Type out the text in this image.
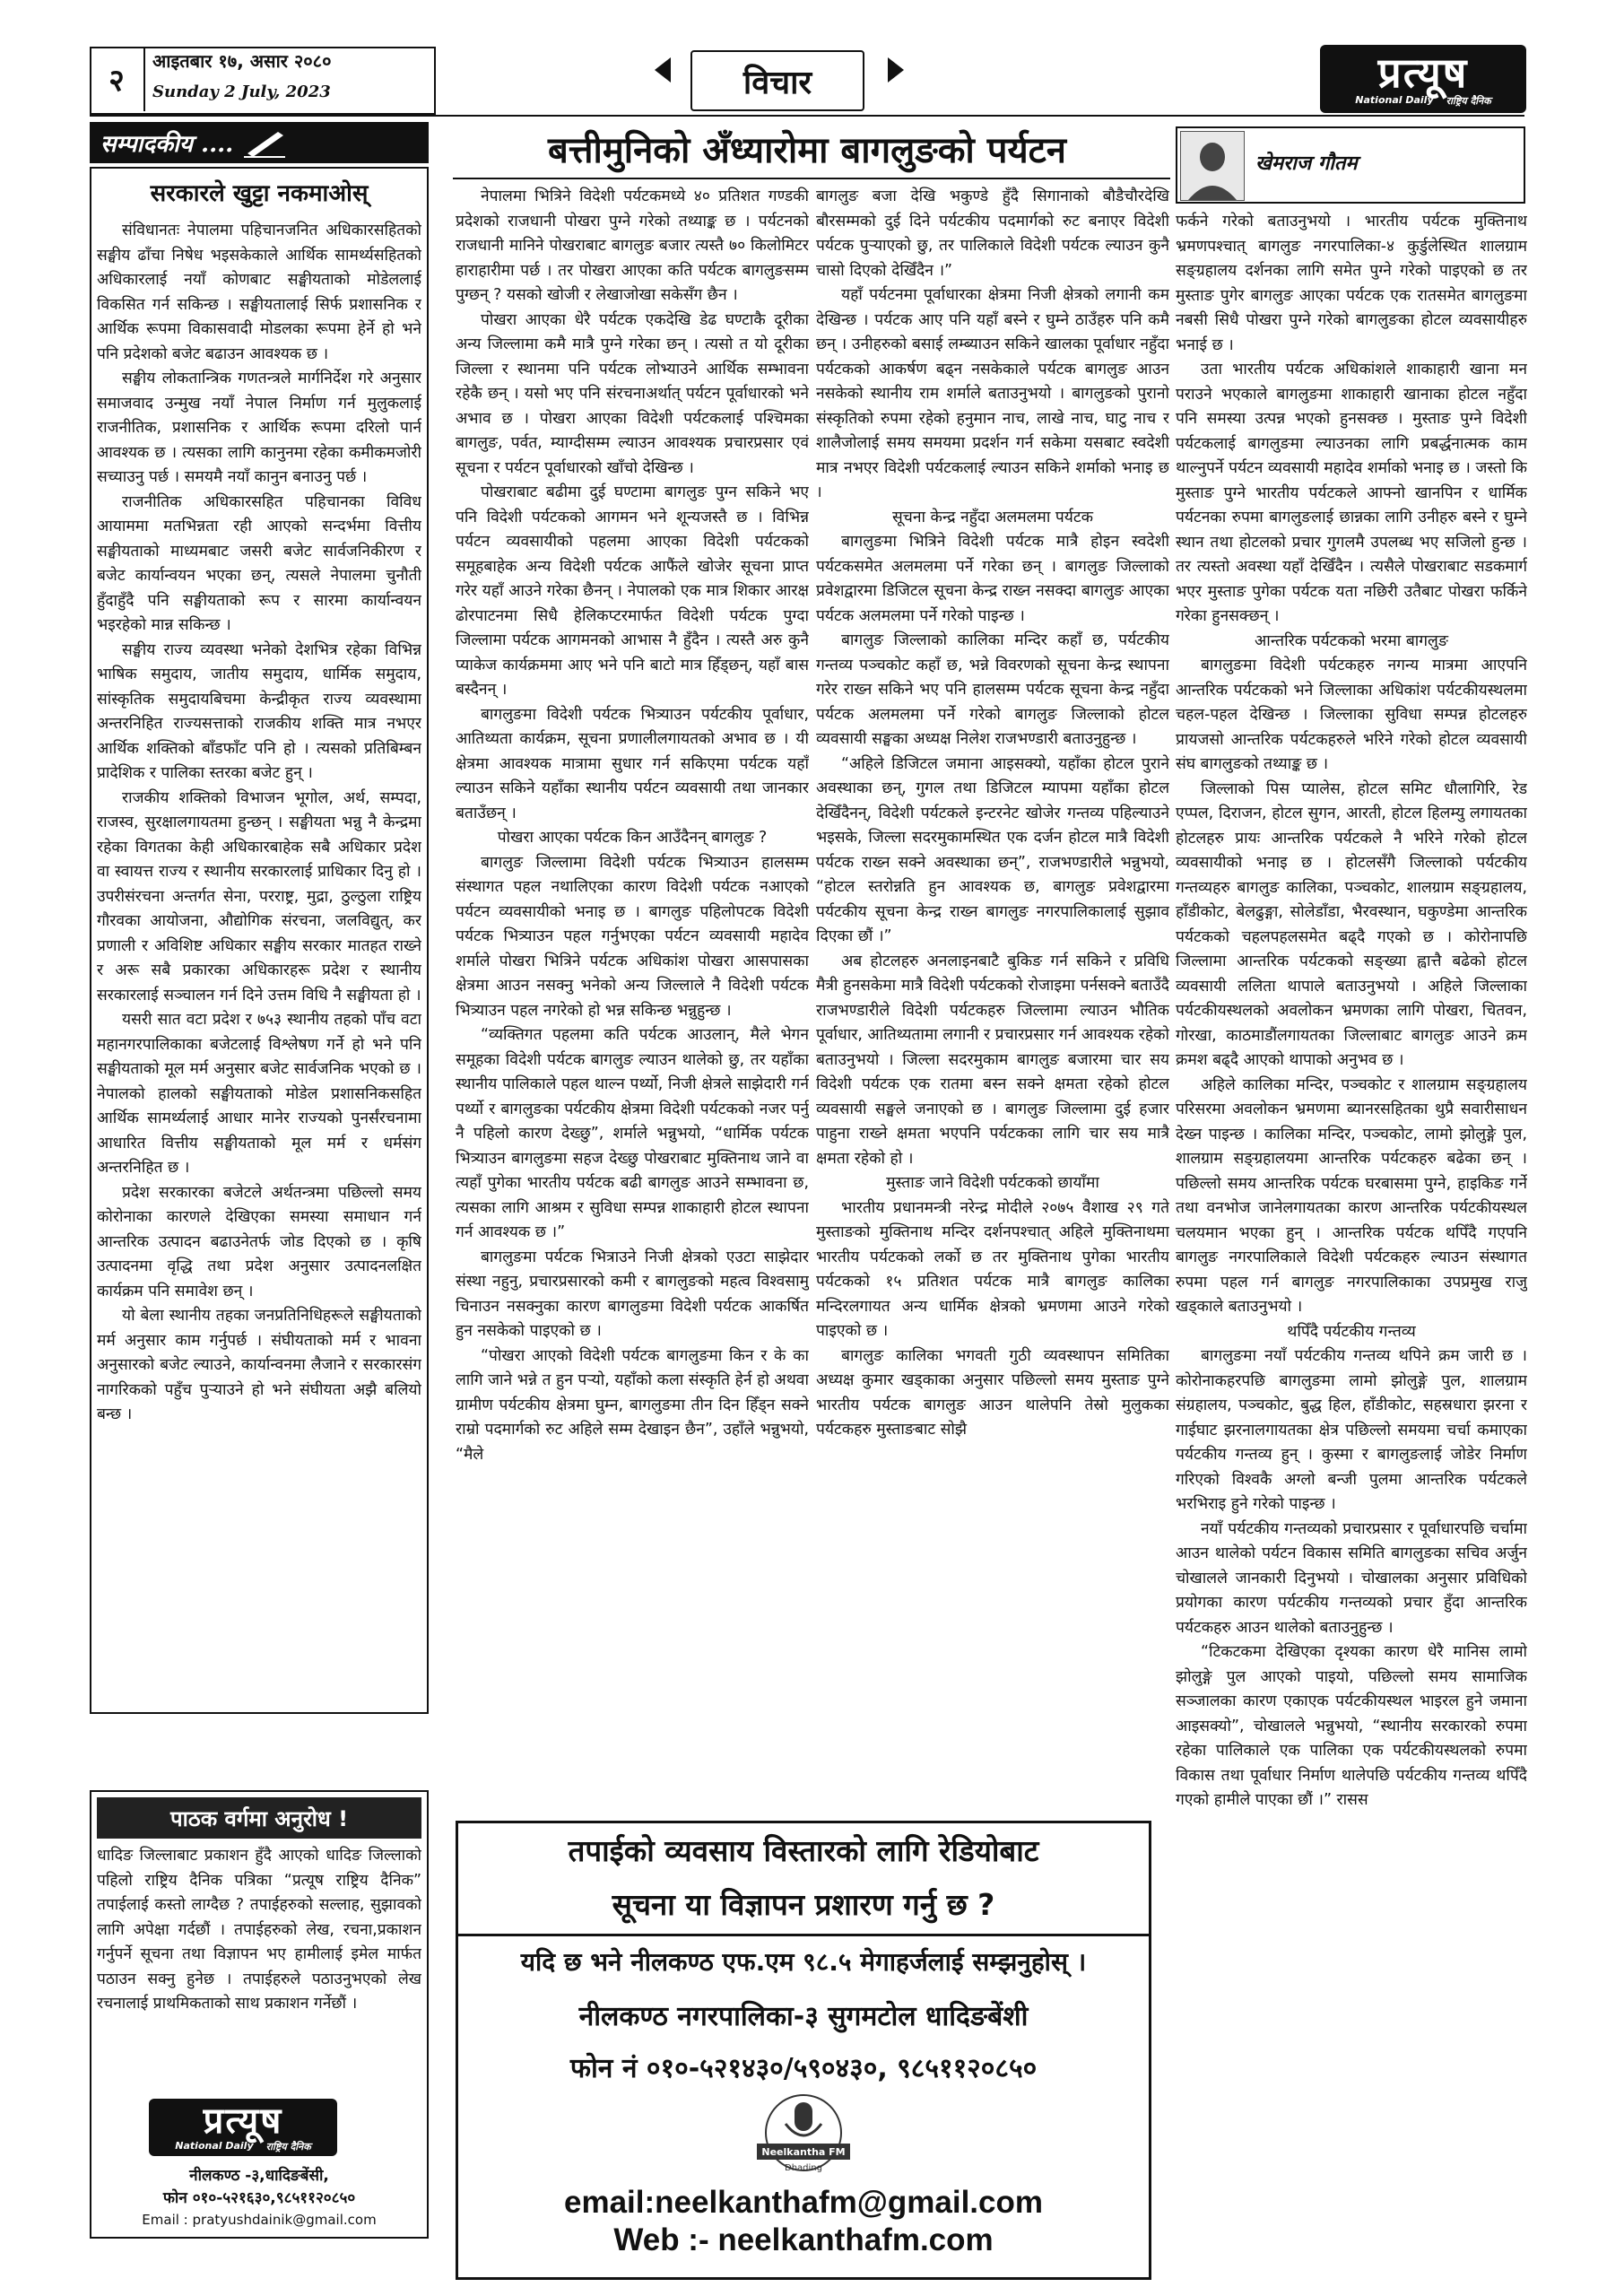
२
आइतबार १७, असार २०८०
Sunday 2 July, 2023	विचार	प्रत्यूष
National Daily राष्ट्रिय दैनिक
सम्पादकीय ....
सरकारले खुट्टा नकमाओस्

संविधानतः नेपालमा पहिचानजनित अधिकारसहितको सङ्घीय ढाँचा निषेध भइसकेकाले आर्थिक सामर्थ्यसहितको अधिकारलाई नयाँ कोणबाट सङ्घीयताको मोडेललाई विकसित गर्न सकिन्छ । सङ्घीयतालाई सिर्फ प्रशासनिक र आर्थिक रूपमा विकासवादी मोडलका रूपमा हेर्ने हो भने पनि प्रदेशको बजेट बढाउन आवश्यक छ ।

सङ्घीय लोकतान्त्रिक गणतन्त्रले मार्गनिर्देश गरे अनुसार समाजवाद उन्मुख नयाँ नेपाल निर्माण गर्न मुलुकलाई राजनीतिक, प्रशासनिक र आर्थिक रूपमा दरिलो पार्न आवश्यक छ । त्यसका लागि कानुनमा रहेका कमीकमजोरी सच्याउनु पर्छ । समयमै नयाँ कानुन बनाउनु पर्छ ।

राजनीतिक अधिकारसहित पहिचानका विविध आयाममा मतभिन्नता रही आएको सन्दर्भमा वित्तीय सङ्घीयताको माध्यमबाट जसरी बजेट सार्वजनिकीरण र बजेट कार्यान्वयन भएका छन्, त्यसले नेपालमा चुनौती हुँदाहुँदै पनि सङ्घीयताको रूप र सारमा कार्यान्वयन भइरहेको मान्न सकिन्छ ।

सङ्घीय राज्य व्यवस्था भनेको देशभित्र रहेका विभिन्न भाषिक समुदाय, जातीय समुदाय, धार्मिक समुदाय, सांस्कृतिक समुदायबिचमा केन्द्रीकृत राज्य व्यवस्थामा अन्तरनिहित राज्यसत्ताको राजकीय शक्ति मात्र नभएर आर्थिक शक्तिको बाँडफाँट पनि हो । त्यसको प्रतिबिम्बन प्रादेशिक र पालिका स्तरका बजेट हुन् ।

राजकीय शक्तिको विभाजन भूगोल, अर्थ, सम्पदा, राजस्व, सुरक्षालगायतमा हुन्छन् । सङ्घीयता भन्नु नै केन्द्रमा रहेका विगतका केही अधिकारबाहेक सबै अधिकार प्रदेश वा स्वायत्त राज्य र स्थानीय सरकारलाई प्राधिकार दिनु हो । उपरीसंरचना अन्तर्गत सेना, परराष्ट्र, मुद्रा, ठुल्ठुला राष्ट्रिय गौरवका आयोजना, औद्योगिक संरचना, जलविद्युत्, कर प्रणाली र अविशिष्ट अधिकार सङ्घीय सरकार मातहत राख्ने र अरू सबै प्रकारका अधिकारहरू प्रदेश र स्थानीय सरकारलाई सञ्चालन गर्न दिने उत्तम विधि नै सङ्घीयता हो ।

यसरी सात वटा प्रदेश र ७५३ स्थानीय तहको पाँच वटा महानगरपालिकाका बजेटलाई विश्लेषण गर्ने हो भने पनि सङ्घीयताको मूल मर्म अनुसार बजेट सार्वजनिक भएको छ । नेपालको हालको सङ्घीयताको मोडेल प्रशासनिकसहित आर्थिक सामर्थ्यलाई आधार मानेर राज्यको पुनर्संरचनामा आधारित वित्तीय सङ्घीयताको मूल मर्म र धर्मसंग अन्तरनिहित छ ।

प्रदेश सरकारका बजेटले अर्थतन्त्रमा पछिल्लो समय कोरोनाका कारणले देखिएका समस्या समाधान गर्न आन्तरिक उत्पादन बढाउनेतर्फ जोड दिएको छ । कृषि उत्पादनमा वृद्धि तथा प्रदेश अनुसार उत्पादनलक्षित कार्यक्रम पनि समावेश छन् ।

यो बेला स्थानीय तहका जनप्रतिनिधिहरूले सङ्घीयताको मर्म अनुसार काम गर्नुपर्छ । संघीयताको मर्म र भावना अनुसारको बजेट ल्याउने, कार्यान्वनमा लैजाने र सरकारसंग नागरिकको पहुँच पुऱ्याउने हो भने संघीयता अझै बलियो बन्छ ।

पाठक वर्गमा अनुरोध !

धादिङ जिल्लाबाट प्रकाशन हुँदै आएको धादिङ जिल्लाको पहिलो राष्ट्रिय दैनिक पत्रिका “प्रत्यूष राष्ट्रिय दैनिक” तपाईलाई कस्तो लाग्दैछ ? तपाईहरुको सल्लाह, सुझावको लागि अपेक्षा गर्दछौं । तपाईहरुको लेख, रचना,प्रकाशन गर्नुपर्ने सूचना तथा विज्ञापन भए हामीलाई इमेल मार्फत पठाउन सक्नु हुनेछ । तपाईहरुले पठाउनुभएको लेख रचनालाई प्राथमिकताको साथ प्रकाशन गर्नेछौं ।

प्रत्यूष
National Daily राष्ट्रिय दैनिक
नीलकण्ठ -३,धादिङबेंसी,
फोन ०१०-५२१६३०,९८५११२०८५०
Email : pratyushdainik@gmail.com
बत्तीमुनिको अँध्यारोमा बागलुङको पर्यटन	खेमराज गौतम

नेपालमा भित्रिने विदेशी पर्यटकमध्ये ४० प्रतिशत गण्डकी प्रदेशको राजधानी पोखरा पुग्ने गरेको तथ्याङ्क छ । पर्यटनको राजधानी मानिने पोखराबाट बागलुङ बजार त्यस्तै ७० किलोमिटर हाराहारीमा पर्छ । तर पोखरा आएका कति पर्यटक बागलुङसम्म पुग्छन् ? यसको खोजी र लेखाजोखा सकेसँग छैन ।

पोखरा आएका धेरै पर्यटक एकदेखि डेढ घण्टाकै दूरीका अन्य जिल्लामा कमै मात्रै पुग्ने गरेका छन् । त्यसो त यो दूरीका जिल्ला र स्थानमा पनि पर्यटक लोभ्याउने आर्थिक सम्भावना रहेकै छन् । यसो भए पनि संरचनाअर्थात् पर्यटन पूर्वाधारको भने अभाव छ । पोखरा आएका विदेशी पर्यटकलाई पश्चिमका बागलुङ, पर्वत, म्याग्दीसम्म ल्याउन आवश्यक प्रचारप्रसार एवं सूचना र पर्यटन पूर्वाधारको खाँचो देखिन्छ ।

पोखराबाट बढीमा दुई घण्टामा बागलुङ पुग्न सकिने भए पनि विदेशी पर्यटकको आगमन भने शून्यजस्तै छ । विभिन्न पर्यटन व्यवसायीको पहलमा आएका विदेशी पर्यटकको समूहबाहेक अन्य विदेशी पर्यटक आफैंले खोजेर सूचना प्राप्त गरेर यहाँ आउने गरेका छैनन् । नेपालको एक मात्र शिकार आरक्ष ढोरपाटनमा सिधै हेलिकप्टरमार्फत विदेशी पर्यटक पुग्दा जिल्लामा पर्यटक आगमनको आभास नै हुँदैन । त्यस्तै अरु कुनै प्याकेज कार्यक्रममा आए भने पनि बाटो मात्र हिँड्छन्, यहाँ बास बस्दैनन् ।

बागलुङमा विदेशी पर्यटक भित्र्याउन पर्यटकीय पूर्वाधार, आतिथ्यता कार्यक्रम, सूचना प्रणालीलगायतको अभाव छ । यी क्षेत्रमा आवश्यक मात्रामा सुधार गर्न सकिएमा पर्यटक यहाँ ल्याउन सकिने यहाँका स्थानीय पर्यटन व्यवसायी तथा जानकार बताउँछन् ।

पोखरा आएका पर्यटक किन आउँदैनन् बागलुङ ?

बागलुङ जिल्लामा विदेशी पर्यटक भित्र्याउन हालसम्म संस्थागत पहल नथालिएका कारण विदेशी पर्यटक नआएको पर्यटन व्यवसायीको भनाइ छ । बागलुङ पहिलोपटक विदेशी पर्यटक भित्र्याउन पहल गर्नुभएका पर्यटन व्यवसायी महादेव शर्माले पोखरा भित्रिने पर्यटक अधिकांश पोखरा आसपासका क्षेत्रमा आउन नसक्नु भनेको अन्य जिल्लाले नै विदेशी पर्यटक भित्र्याउन पहल नगरेको हो भन्न सकिन्छ भन्नुहुन्छ ।

“व्यक्तिगत पहलमा कति पर्यटक आउलान्, मैले भेगन समूहका विदेशी पर्यटक बागलुङ ल्याउन थालेको छु, तर यहाँका स्थानीय पालिकाले पहल थाल्न पर्थ्यो, निजी क्षेत्रले साझेदारी गर्न पर्थ्यो र बागलुङका पर्यटकीय क्षेत्रमा विदेशी पर्यटकको नजर पर्नु नै पहिलो कारण देख्छु”, शर्माले भन्नुभयो, “धार्मिक पर्यटक भित्र्याउन बागलुङमा सहज देख्छु पोखराबाट मुक्तिनाथ जाने वा त्यहाँ पुगेका भारतीय पर्यटक बढी बागलुङ आउने सम्भावना छ, त्यसका लागि आश्रम र सुविधा सम्पन्न शाकाहारी होटल स्थापना गर्न आवश्यक छ ।”

बागलुङमा पर्यटक भित्राउने निजी क्षेत्रको एउटा साझेदार संस्था नहुनु, प्रचारप्रसारको कमी र बागलुङको महत्व विश्वसामु चिनाउन नसक्नुका कारण बागलुङमा विदेशी पर्यटक आकर्षित हुन नसकेको पाइएको छ ।

“पोखरा आएको विदेशी पर्यटक बागलुङमा किन र के का लागि जाने भन्ने त हुन पऱ्यो, यहाँको कला संस्कृति हेर्न हो अथवा ग्रामीण पर्यटकीय क्षेत्रमा घुम्न, बागलुङमा तीन दिन हिँड्न सक्ने राम्रो पदमार्गको रुट अहिले सम्म देखाइन छैन”, उहाँले भन्नुभयो, “मैले

बागलुङ बजा देखि भकुण्डे हुँदै सिगानाको बौडैचौरदेखि बौरसम्मको दुई दिने पर्यटकीय पदमार्गको रुट बनाएर विदेशी पर्यटक पुऱ्याएको छु, तर पालिकाले विदेशी पर्यटक ल्याउन कुनै चासो दिएको देखिँदैन ।”

यहाँ पर्यटनमा पूर्वाधारका क्षेत्रमा निजी क्षेत्रको लगानी कम देखिन्छ । पर्यटक आए पनि यहाँ बस्ने र घुम्ने ठाउँहरु पनि कमै छन् । उनीहरुको बसाई लम्ब्याउन सकिने खालका पूर्वाधार नहुँदा पर्यटकको आकर्षण बढ्न नसकेकाले पर्यटक बागलुङ आउन नसकेको स्थानीय राम शर्माले बताउनुभयो । बागलुङको पुरानो संस्कृतिको रुपमा रहेको हनुमान नाच, लाखे नाच, घाटु नाच र शालैजोलाई समय समयमा प्रदर्शन गर्न सकेमा यसबाट स्वदेशी मात्र नभएर विदेशी पर्यटकलाई ल्याउन सकिने शर्माको भनाइ छ ।

सूचना केन्द्र नहुँदा अलमलमा पर्यटक

बागलुङमा भित्रिने विदेशी पर्यटक मात्रै होइन स्वदेशी पर्यटकसमेत अलमलमा पर्ने गरेका छन् । बागलुङ जिल्लाको प्रवेशद्वारमा डिजिटल सूचना केन्द्र राख्न नसक्दा बागलुङ आएका पर्यटक अलमलमा पर्ने गरेको पाइन्छ ।

बागलुङ जिल्लाको कालिका मन्दिर कहाँ छ, पर्यटकीय गन्तव्य पञ्चकोट कहाँ छ, भन्ने विवरणको सूचना केन्द्र स्थापना गरेर राख्न सकिने भए पनि हालसम्म पर्यटक सूचना केन्द्र नहुँदा पर्यटक अलमलमा पर्ने गरेको बागलुङ जिल्लाको होटल व्यवसायी सङ्घका अध्यक्ष निलेश राजभण्डारी बताउनुहुन्छ ।

“अहिले डिजिटल जमाना आइसक्यो, यहाँका होटल पुराने अवस्थाका छन्, गुगल तथा डिजिटल म्यापमा यहाँका होटल देखिँदैनन्, विदेशी पर्यटकले इन्टरनेट खोजेर गन्तव्य पहिल्याउने भइसके, जिल्ला सदरमुकामस्थित एक दर्जन होटल मात्रै विदेशी पर्यटक राख्न सक्ने अवस्थाका छन्”, राजभण्डारीले भन्नुभयो, “होटल स्तरोन्नति हुन आवश्यक छ, बागलुङ प्रवेशद्वारमा पर्यटकीय सूचना केन्द्र राख्न बागलुङ नगरपालिकालाई सुझाव दिएका छौं ।”

अब होटलहरु अनलाइनबाटै बुकिङ गर्न सकिने र प्रविधि मैत्री हुनसकेमा मात्रै विदेशी पर्यटकको रोजाइमा पर्नसक्ने बताउँदै राजभण्डारीले विदेशी पर्यटकहरु जिल्लामा ल्याउन भौतिक पूर्वाधार, आतिथ्यतामा लगानी र प्रचारप्रसार गर्न आवश्यक रहेको बताउनुभयो । जिल्ला सदरमुकाम बागलुङ बजारमा चार सय विदेशी पर्यटक एक रातमा बस्न सक्ने क्षमता रहेको होटल व्यवसायी सङ्घले जनाएको छ । बागलुङ जिल्लामा दुई हजार पाहुना राख्ने क्षमता भएपनि पर्यटकका लागि चार सय मात्रै क्षमता रहेको हो ।

मुस्ताङ जाने विदेशी पर्यटकको छायाँमा

भारतीय प्रधानमन्त्री नरेन्द्र मोदीले २०७५ वैशाख २९ गते मुस्ताङको मुक्तिनाथ मन्दिर दर्शनपश्चात् अहिले मुक्तिनाथमा भारतीय पर्यटकको लर्को छ तर मुक्तिनाथ पुगेका भारतीय पर्यटकको १५ प्रतिशत पर्यटक मात्रै बागलुङ कालिका मन्दिरलगायत अन्य धार्मिक क्षेत्रको भ्रमणमा आउने गरेको पाइएको छ ।

बागलुङ कालिका भगवती गुठी व्यवस्थापन समितिका अध्यक्ष कुमार खड्काका अनुसार पछिल्लो समय मुस्ताङ पुग्ने भारतीय पर्यटक बागलुङ आउन थालेपनि तेस्रो मुलुकका पर्यटकहरु मुस्ताङबाट सोझै

फर्कने गरेको बताउनुभयो । भारतीय पर्यटक मुक्तिनाथ भ्रमणपश्चात् बागलुङ नगरपालिका-४ कुर्डुलेस्थित शालग्राम सङ्ग्रहालय दर्शनका लागि समेत पुग्ने गरेको पाइएको छ तर मुस्ताङ पुगेर बागलुङ आएका पर्यटक एक रातसमेत बागलुङमा नबसी सिधै पोखरा पुग्ने गरेको बागलुङका होटल व्यवसायीहरु भनाई छ ।

उता भारतीय पर्यटक अधिकांशले शाकाहारी खाना मन पराउने भएकाले बागलुङमा शाकाहारी खानाका होटल नहुँदा पनि समस्या उत्पन्न भएको हुनसक्छ । मुस्ताङ पुग्ने विदेशी पर्यटकलाई बागलुङमा ल्याउनका लागि प्रबर्द्धनात्मक काम थाल्नुपर्ने पर्यटन व्यवसायी महादेव शर्माको भनाइ छ । जस्तो कि मुस्ताङ पुग्ने भारतीय पर्यटकले आफ्नो खानपिन र धार्मिक पर्यटनका रुपमा बागलुङलाई छान्नका लागि उनीहरु बस्ने र घुम्ने स्थान तथा होटलको प्रचार गुगलमै उपलब्ध भए सजिलो हुन्छ । तर त्यस्तो अवस्था यहाँ देखिँदैन । त्यसैले पोखराबाट सडकमार्ग भएर मुस्ताङ पुगेका पर्यटक यता नछिरी उतैबाट पोखरा फर्किने गरेका हुनसक्छन् ।

आन्तरिक पर्यटकको भरमा बागलुङ

बागलुङमा विदेशी पर्यटकहरु नगन्य मात्रमा आएपनि आन्तरिक पर्यटकको भने जिल्लाका अधिकांश पर्यटकीयस्थलमा चहल-पहल देखिन्छ । जिल्लाका सुविधा सम्पन्न होटलहरु प्रायजसो आन्तरिक पर्यटकहरुले भरिने गरेको होटल व्यवसायी संघ बागलुङको तथ्याङ्क छ ।

जिल्लाको पिस प्यालेस, होटल समिट धौलागिरि, रेड एप्पल, दिराजन, होटल सुगन, आरती, होटल हिलम्यु लगायतका होटलहरु प्रायः आन्तरिक पर्यटकले नै भरिने गरेको होटल व्यवसायीको भनाइ छ । होटलसँगै जिल्लाको पर्यटकीय गन्तव्यहरु बागलुङ कालिका, पञ्चकोट, शालग्राम सङ्ग्रहालय, हाँडीकोट, बेलढुङ्गा, सोलेडाँडा, भैरवस्थान, घकुण्डेमा आन्तरिक पर्यटकको चहलपहलसमेत बढ्दै गएको छ । कोरोनापछि जिल्लामा आन्तरिक पर्यटकको सङ्ख्या ह्वात्तै बढेको होटल व्यवसायी ललिता थापाले बताउनुभयो । अहिले जिल्लाका पर्यटकीयस्थलको अवलोकन भ्रमणका लागि पोखरा, चितवन, गोरखा, काठमाडौंलगायतका जिल्लाबाट बागलुङ आउने क्रम क्रमश बढ्दै आएको थापाको अनुभव छ ।

अहिले कालिका मन्दिर, पञ्चकोट र शालग्राम सङ्ग्रहालय परिसरमा अवलोकन भ्रमणमा ब्यानरसहितका थुप्रै सवारीसाधन देख्न पाइन्छ । कालिका मन्दिर, पञ्चकोट, लामो झोलुङ्गे पुल, शालग्राम सङ्ग्रहालयमा आन्तरिक पर्यटकहरु बढेका छन् । पछिल्लो समय आन्तरिक पर्यटक घरबासमा पुग्ने, हाइकिङ गर्ने तथा वनभोज जानेलगायतका कारण आन्तरिक पर्यटकीयस्थल चलयमान भएका हुन् । आन्तरिक पर्यटक थपिँदै गएपनि बागलुङ नगरपालिकाले विदेशी पर्यटकहरु ल्याउन संस्थागत रुपमा पहल गर्न बागलुङ नगरपालिकाका उपप्रमुख राजु खड्काले बताउनुभयो ।

थपिँदै पर्यटकीय गन्तव्य

बागलुङमा नयाँ पर्यटकीय गन्तव्य थपिने क्रम जारी छ । कोरोनाकहरपछि बागलुङमा लामो झोलुङ्गे पुल, शालग्राम संग्रहालय, पञ्चकोट, बुद्ध हिल, हाँडीकोट, सहस्रधारा झरना र गाईघाट झरनालगायतका क्षेत्र पछिल्लो समयमा चर्चा कमाएका पर्यटकीय गन्तव्य हुन् । कुस्मा र बागलुङलाई जोडेर निर्माण गरिएको विश्वकै अग्लो बन्जी पुलमा आन्तरिक पर्यटकले भरभिराइ हुने गरेको पाइन्छ ।

नयाँ पर्यटकीय गन्तव्यको प्रचारप्रसार र पूर्वाधारपछि चर्चामा आउन थालेको पर्यटन विकास समिति बागलुङका सचिव अर्जुन चोखालले जानकारी दिनुभयो । चोखालका अनुसार प्रविधिको प्रयोगका कारण पर्यटकीय गन्तव्यको प्रचार हुँदा आन्तरिक पर्यटकहरु आउन थालेको बताउनुहुन्छ ।

“टिकटकमा देखिएका दृश्यका कारण धेरै मानिस लामो झोलुङ्गे पुल आएको पाइयो, पछिल्लो समय सामाजिक सञ्जालका कारण एकाएक पर्यटकीयस्थल भाइरल हुने जमाना आइसक्यो”, चोखालले भन्नुभयो, “स्थानीय सरकारको रुपमा रहेका पालिकाले एक पालिका एक पर्यटकीयस्थलको रुपमा विकास तथा पूर्वाधार निर्माण थालेपछि पर्यटकीय गन्तव्य थपिँदै गएको हामीले पाएका छौं ।” रासस

तपाईको व्यवसाय विस्तारको लागि रेडियोबाट
सूचना या विज्ञापन प्रशारण गर्नु छ ?
यदि छ भने नीलकण्ठ एफ.एम ९८.५ मेगाहर्जलाई सम्झनुहोस् ।
नीलकण्ठ नगरपालिका-३ सुगमटोल धादिङबेंशी
फोन नं ०१०-५२१४३०/५९०४३०, ९८५११२०८५०
Neelkantha FM
Dhading
email:neelkanthafm@gmail.com
Web :- neelkanthafm.com
